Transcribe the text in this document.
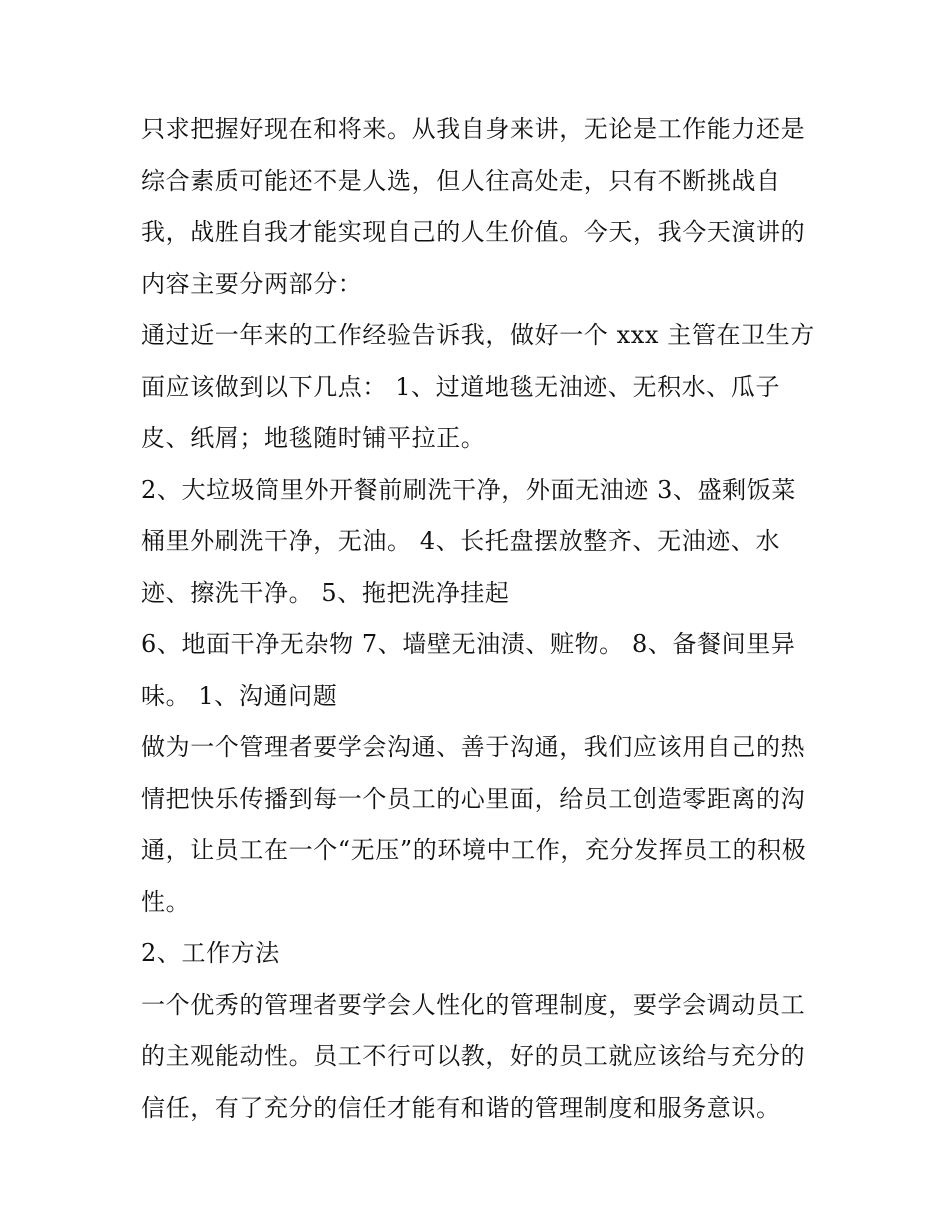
只求把握好现在和将来。从我自身来讲，无论是工作能力还是
综合素质可能还不是人选，但人往高处走，只有不断挑战自
我，战胜自我才能实现自己的人生价值。今天，我今天演讲的
内容主要分两部分：
通过近一年来的工作经验告诉我，做好一个 xxx 主管在卫生方
面应该做到以下几点： 1、过道地毯无油迹、无积水、瓜子
皮、纸屑；地毯随时铺平拉正。
2、大垃圾筒里外开餐前刷洗干净，外面无油迹 3、盛剩饭菜
桶里外刷洗干净，无油。 4、长托盘摆放整齐、无油迹、水
迹、擦洗干净。 5、拖把洗净挂起
6、地面干净无杂物 7、墙壁无油渍、赃物。 8、备餐间里异
味。 1、沟通问题
做为一个管理者要学会沟通、善于沟通，我们应该用自己的热
情把快乐传播到每一个员工的心里面，给员工创造零距离的沟
通，让员工在一个“无压”的环境中工作，充分发挥员工的积极
性。
2、工作方法
一个优秀的管理者要学会人性化的管理制度，要学会调动员工
的主观能动性。员工不行可以教，好的员工就应该给与充分的
信任，有了充分的信任才能有和谐的管理制度和服务意识。
